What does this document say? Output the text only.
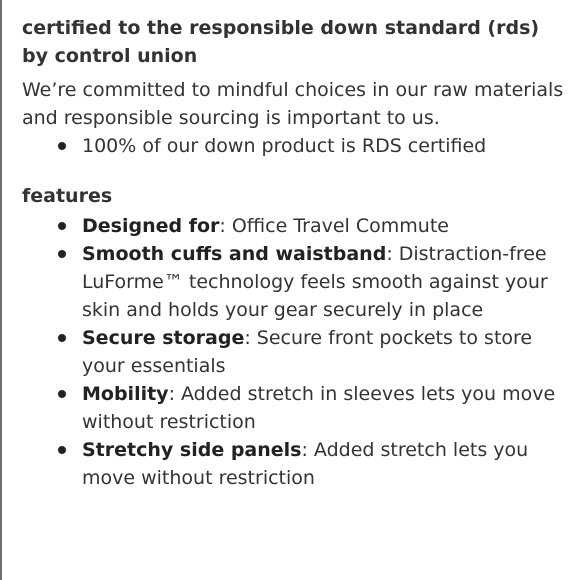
certified to the responsible down standard (rds) by control union

We’re committed to mindful choices in our raw materials and responsible sourcing is important to us.

100% of our down product is RDS certified
features
Designed for: Office Travel Commute
Smooth cuffs and waistband: Distraction-free LuForme™ technology feels smooth against your skin and holds your gear securely in place
Secure storage: Secure front pockets to store your essentials
Mobility: Added stretch in sleeves lets you move without restriction
Stretchy side panels: Added stretch lets you move without restriction
